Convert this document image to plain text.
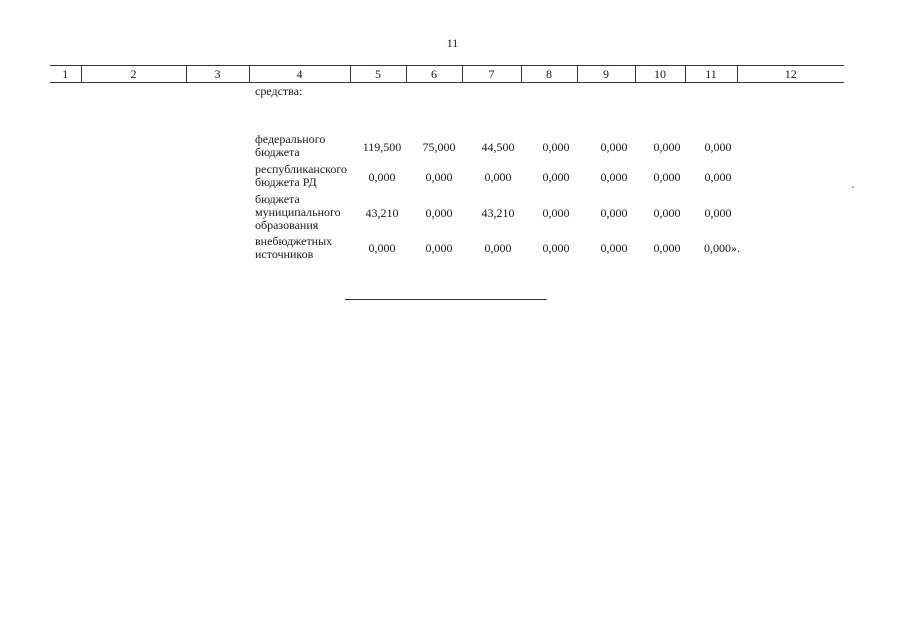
11
1	2	3	4	5	6	7	8	9	10	11	12
средства:
федерального
бюджета	119,500	75,000	44,500	0,000	0,000	0,000	0,000
республиканского
бюджета РД	0,000	0,000	0,000	0,000	0,000	0,000	0,000
бюджета
муниципального
образования
43,210	0,000	43,210	0,000	0,000	0,000	0,000
внебюджетных
источников	0,000	0,000	0,000	0,000	0,000	0,000	0,000».
